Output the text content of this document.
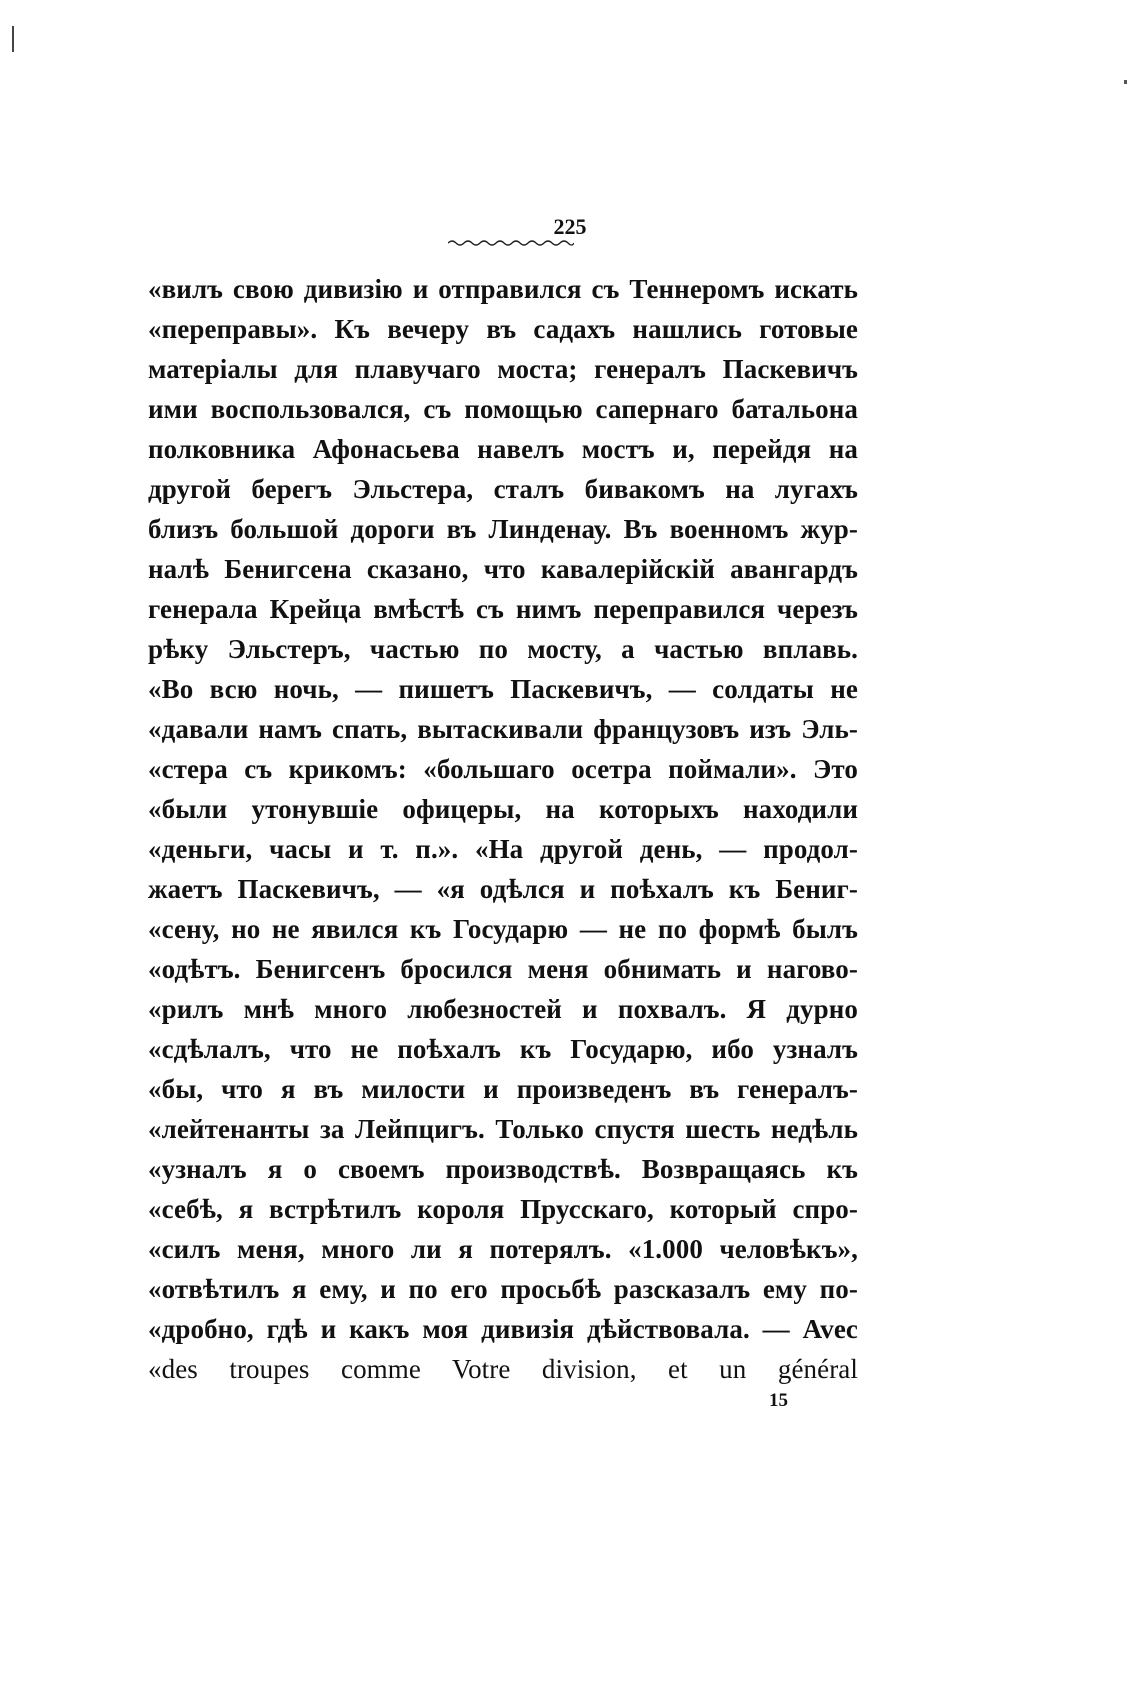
225
«вилъ свою дивизію и отправился съ Теннеромъ искать
«переправы». Къ вечеру въ садахъ нашлись готовые
матеріалы для плавучаго моста; генералъ Паскевичъ
ими воспользовался, съ помощью сапернаго батальона
полковника Афонасьева навелъ мостъ и, перейдя на
другой берегъ Эльстера, сталъ бивакомъ на лугахъ
близъ большой дороги въ Линденау. Въ военномъ жур-
налѣ Бенигсена сказано, что кавалерійскій авангардъ
генерала Крейца вмѣстѣ съ нимъ переправился черезъ
рѣку Эльстеръ, частью по мосту, а частью вплавь.
«Во всю ночь, — пишетъ Паскевичъ, — солдаты не
«давали намъ спать, вытаскивали французовъ изъ Эль-
«стера съ крикомъ: «большаго осетра поймали». Это
«были утонувшіе офицеры, на которыхъ находили
«деньги, часы и т. п.». «На другой день, — продол-
жаетъ Паскевичъ, — «я одѣлся и поѣхалъ къ Бениг-
«сену, но не явился къ Государю — не по формѣ былъ
«одѣтъ. Бенигсенъ бросился меня обнимать и нагово-
«рилъ мнѣ много любезностей и похвалъ. Я дурно
«сдѣлалъ, что не поѣхалъ къ Государю, ибо узналъ
«бы, что я въ милости и произведенъ въ генералъ-
«лейтенанты за Лейпцигъ. Только спустя шесть недѣль
«узналъ я о своемъ производствѣ. Возвращаясь къ
«себѣ, я встрѣтилъ короля Прусскаго, который спро-
«силъ меня, много ли я потерялъ. «1.000 человѣкъ»,
«отвѣтилъ я ему, и по его просьбѣ разсказалъ ему по-
«дробно, гдѣ и какъ моя дивизія дѣйствовала. — Avec
«des troupes comme Votre division, et un général
15
